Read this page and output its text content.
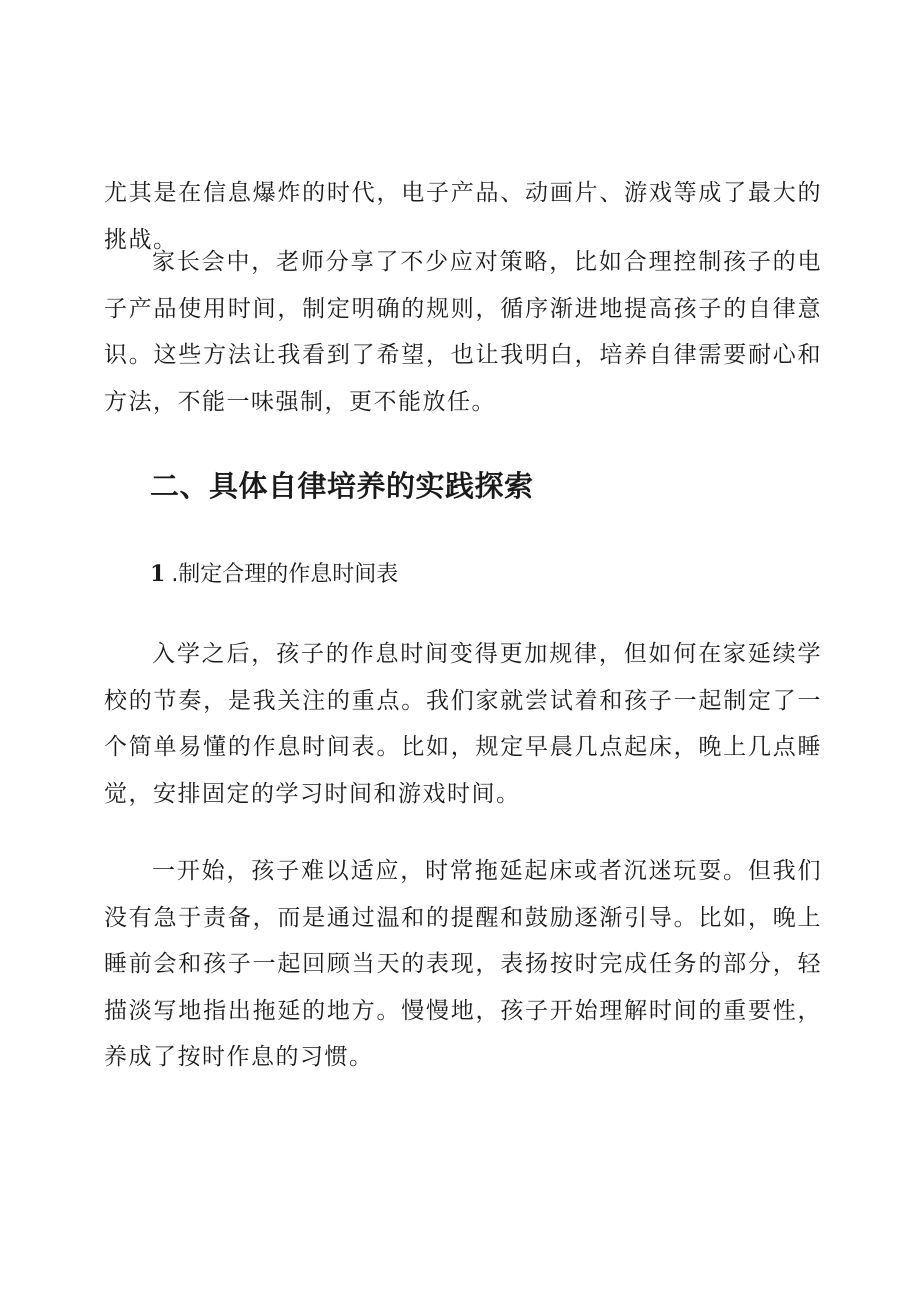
尤其是在信息爆炸的时代，电子产品、动画片、游戏等成了最大的挑战。

家长会中，老师分享了不少应对策略，比如合理控制孩子的电子产品使用时间，制定明确的规则，循序渐进地提高孩子的自律意识。这些方法让我看到了希望，也让我明白，培养自律需要耐心和方法，不能一味强制，更不能放任。

二、具体自律培养的实践探索
1 .制定合理的作息时间表

入学之后，孩子的作息时间变得更加规律，但如何在家延续学校的节奏，是我关注的重点。我们家就尝试着和孩子一起制定了一个简单易懂的作息时间表。比如，规定早晨几点起床，晚上几点睡觉，安排固定的学习时间和游戏时间。

一开始，孩子难以适应，时常拖延起床或者沉迷玩耍。但我们没有急于责备，而是通过温和的提醒和鼓励逐渐引导。比如，晚上睡前会和孩子一起回顾当天的表现，表扬按时完成任务的部分，轻描淡写地指出拖延的地方。慢慢地，孩子开始理解时间的重要性，养成了按时作息的习惯。
